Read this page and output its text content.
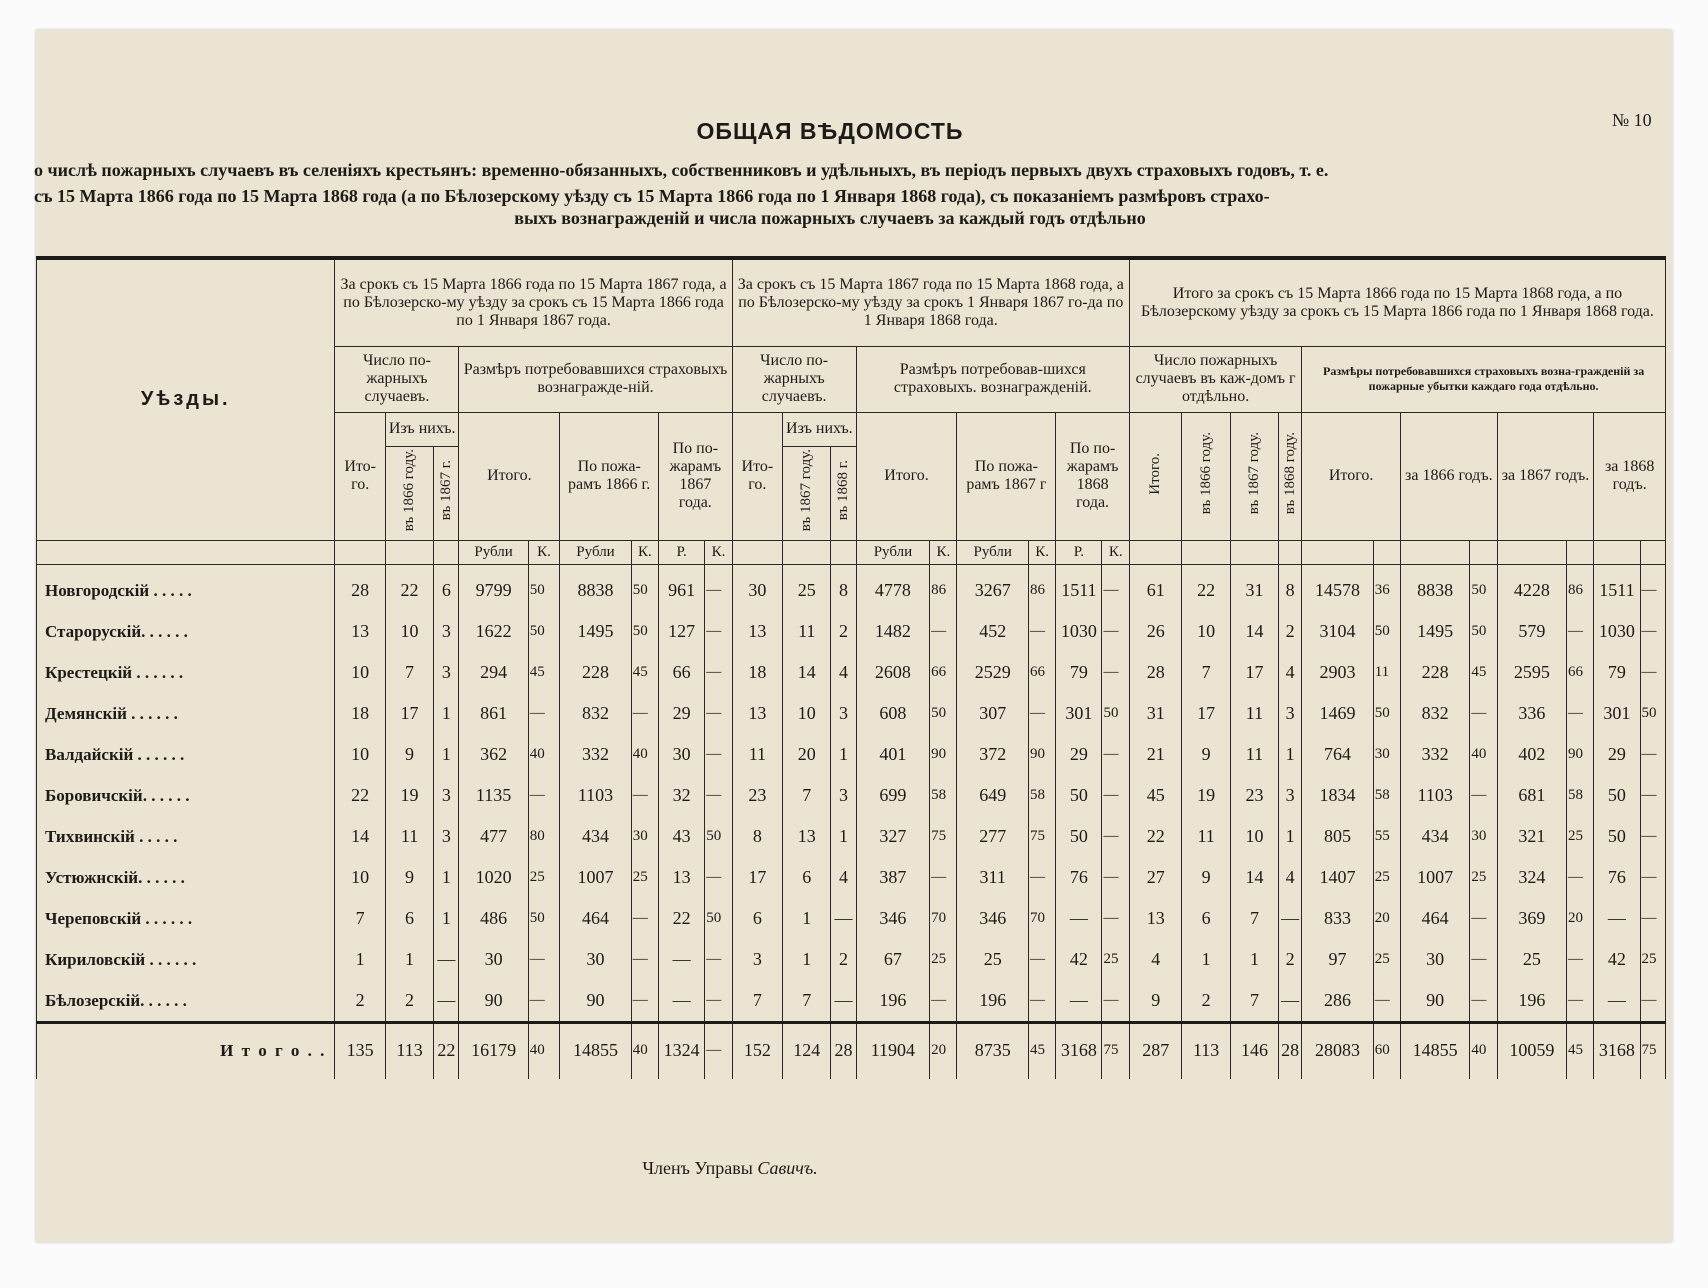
ОБЩАЯ ВѢДОМОСТЬ	№ 10
о числѣ пожарныхъ случаевъ въ селеніяхъ крестьянъ: временно-обязанныхъ, собственниковъ и удѣльныхъ, въ періодъ первыхъ двухъ страховыхъ годовъ, т. е.
съ 15 Марта 1866 года по 15 Марта 1868 года (а по Бѣлозерскому уѣзду съ 15 Марта 1866 года по 1 Января 1868 года), съ показаніемъ размѣровъ страхо-
выхъ вознагражденій и числа пожарныхъ случаевъ за каждый годъ отдѣльно
Уѣзды.	За срокъ съ 15 Марта 1866 года по 15 Марта 1867 года, а по Бѣлозерско-му уѣзду за срокъ съ 15 Марта 1866 года по 1 Января 1867 года.									За срокъ съ 15 Марта 1867 года по 15 Марта 1868 года, а по Бѣлозерско-му уѣзду за срокъ 1 Января 1867 го-да по 1 Января 1868 года.									Итого за срокъ съ 15 Марта 1866 года по 15 Марта 1868 года, а по Бѣлозерскому уѣзду за срокъ съ 15 Марта 1866 года по 1 Января 1868 года.											
	Число по-жарныхъ случаевъ.			Размѣръ потребовавшихся страховыхъ вознагражде-ній.						Число по-жарныхъ случаевъ.			Размѣръ потребовав-шихся страховыхъ. вознагражденій.						Число пожарныхъ случаевъ въ каж-домъ г отдѣльно.				Размѣры потребовавшихся страховыхъ возна-гражденій за пожарные убытки каждаго года отдѣльно.							
	Ито-го.	Изъ нихъ.		Итого.		По пожа-рамъ 1866 г.		По по-жарамъ 1867 года.		Ито-го.	Изъ нихъ.		Итого.		По пожа-рамъ 1867 г		По по-жарамъ 1868 года.		Итого.	въ 1866 году.	въ 1867 году.	въ 1868 году.	Итого.		за 1866 годъ.		за 1867 годъ.		за 1868 годъ.	
		въ 1866 году.	въ 1867 г.								въ 1867 году.	въ 1868 г.																		
				Рубли	К.	Рубли	К.	Р.	К.				Рубли	К.	Рубли	К.	Р.	К.												
Новгородскій . . . . .	28	22	6	9799	50	8838	50	961	—	30	25	8	4778	86	3267	86	1511	—	61	22	31	8	14578	36	8838	50	4228	86	1511	—
Старорускій. . . . . .	13	10	3	1622	50	1495	50	127	—	13	11	2	1482	—	452	—	1030	—	26	10	14	2	3104	50	1495	50	579	—	1030	—
Крестецкій . . . . . .	10	7	3	294	45	228	45	66	—	18	14	4	2608	66	2529	66	79	—	28	7	17	4	2903	11	228	45	2595	66	79	—
Демянскій . . . . . .	18	17	1	861	—	832	—	29	—	13	10	3	608	50	307	—	301	50	31	17	11	3	1469	50	832	—	336	—	301	50
Валдайскій . . . . . .	10	9	1	362	40	332	40	30	—	11	20	1	401	90	372	90	29	—	21	9	11	1	764	30	332	40	402	90	29	—
Боровичскій. . . . . .	22	19	3	1135	—	1103	—	32	—	23	7	3	699	58	649	58	50	—	45	19	23	3	1834	58	1103	—	681	58	50	—
Тихвинскій . . . . .	14	11	3	477	80	434	30	43	50	8	13	1	327	75	277	75	50	—	22	11	10	1	805	55	434	30	321	25	50	—
Устюжнскій. . . . . .	10	9	1	1020	25	1007	25	13	—	17	6	4	387	—	311	—	76	—	27	9	14	4	1407	25	1007	25	324	—	76	—
Череповскій . . . . . .	7	6	1	486	50	464	—	22	50	6	1	—	346	70	346	70	—	—	13	6	7	—	833	20	464	—	369	20	—	—
Кириловскій . . . . . .	1	1	—	30	—	30	—	—	—	3	1	2	67	25	25	—	42	25	4	1	1	2	97	25	30	—	25	—	42	25
Бѣлозерскій. . . . . .	2	2	—	90	—	90	—	—	—	7	7	—	196	—	196	—	—	—	9	2	7	—	286	—	90	—	196	—	—	—
И т о г о . .	135	113	22	16179	40	14855	40	1324	—	152	124	28	11904	20	8735	45	3168	75	287	113	146	28	28083	60	14855	40	10059	45	3168	75
Членъ Управы Савичъ.
